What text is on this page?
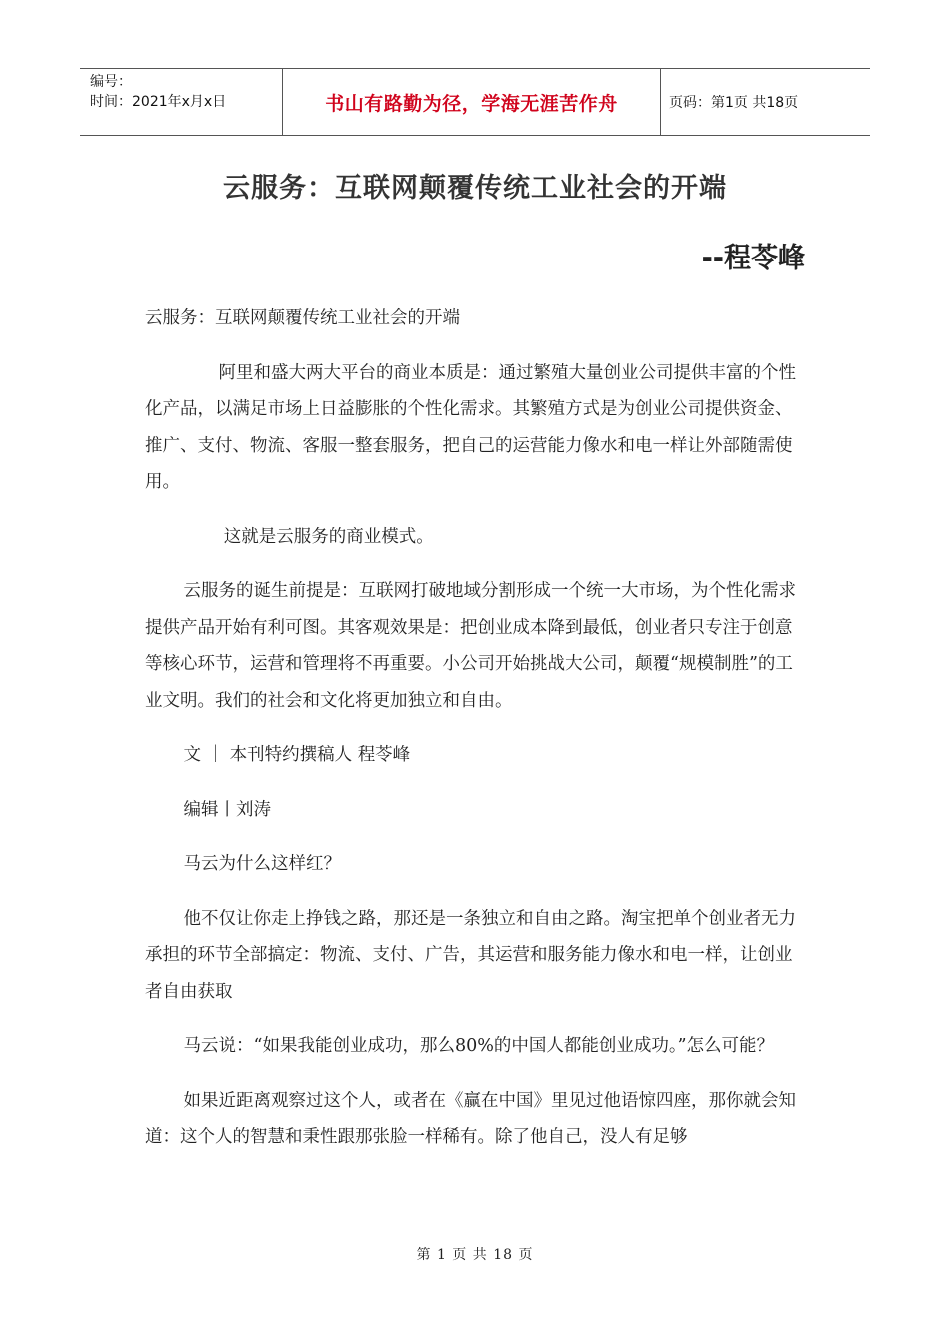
编号：
时间：2021年x月x日	书山有路勤为径，学海无涯苦作舟	页码：第1页 共18页
云服务：互联网颠覆传统工业社会的开端
--程苓峰

云服务：互联网颠覆传统工业社会的开端

阿里和盛大两大平台的商业本质是：通过繁殖大量创业公司提供丰富的个性化产品，以满足市场上日益膨胀的个性化需求。其繁殖方式是为创业公司提供资金、推广、支付、物流、客服一整套服务，把自己的运营能力像水和电一样让外部随需使用。

这就是云服务的商业模式。

云服务的诞生前提是：互联网打破地域分割形成一个统一大市场，为个性化需求提供产品开始有利可图。其客观效果是：把创业成本降到最低，创业者只专注于创意等核心环节，运营和管理将不再重要。小公司开始挑战大公司，颠覆“规模制胜”的工业文明。我们的社会和文化将更加独立和自由。

文 ｜ 本刊特约撰稿人 程苓峰

编辑丨刘涛

马云为什么这样红？

他不仅让你走上挣钱之路，那还是一条独立和自由之路。淘宝把单个创业者无力承担的环节全部搞定：物流、支付、广告，其运营和服务能力像水和电一样，让创业者自由获取

马云说：“如果我能创业成功，那么80%的中国人都能创业成功。”怎么可能？

如果近距离观察过这个人，或者在《赢在中国》里见过他语惊四座，那你就会知道：这个人的智慧和秉性跟那张脸一样稀有。除了他自己，没人有足够

第 1 页 共 18 页
